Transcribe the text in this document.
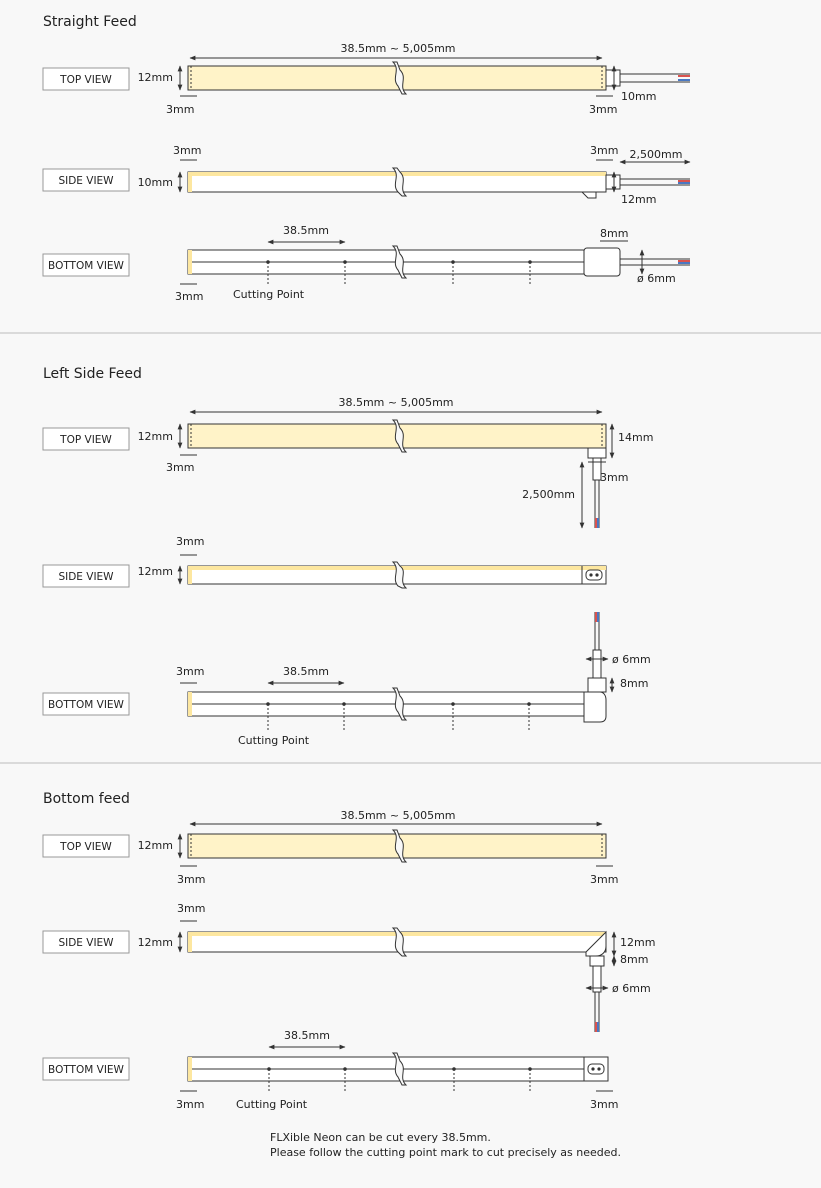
Straight Feed
TOP VIEW
38.5mm ~ 5,005mm
12mm
3mm	3mm
10mm
SIDE VIEW
3mm	3mm 2,500mm
10mm
12mm
BOTTOM VIEW
38.5mm	8mm
ø 6mm
3mm	Cutting Point
Left Side Feed
TOP VIEW
38.5mm ~ 5,005mm
12mm	14mm
3mm
3mm
2,500mm
SIDE VIEW
3mm
12mm
BOTTOM VIEW
ø 6mm
8mm
3mm	38.5mm
Cutting Point
Bottom feed
TOP VIEW
38.5mm ~ 5,005mm
12mm
3mm	3mm
SIDE VIEW
3mm
12mm	12mm
8mm
ø 6mm
BOTTOM VIEW
38.5mm
3mm	Cutting Point	3mm
FLXible Neon can be cut every 38.5mm.
Please follow the cutting point mark to cut precisely as needed.
